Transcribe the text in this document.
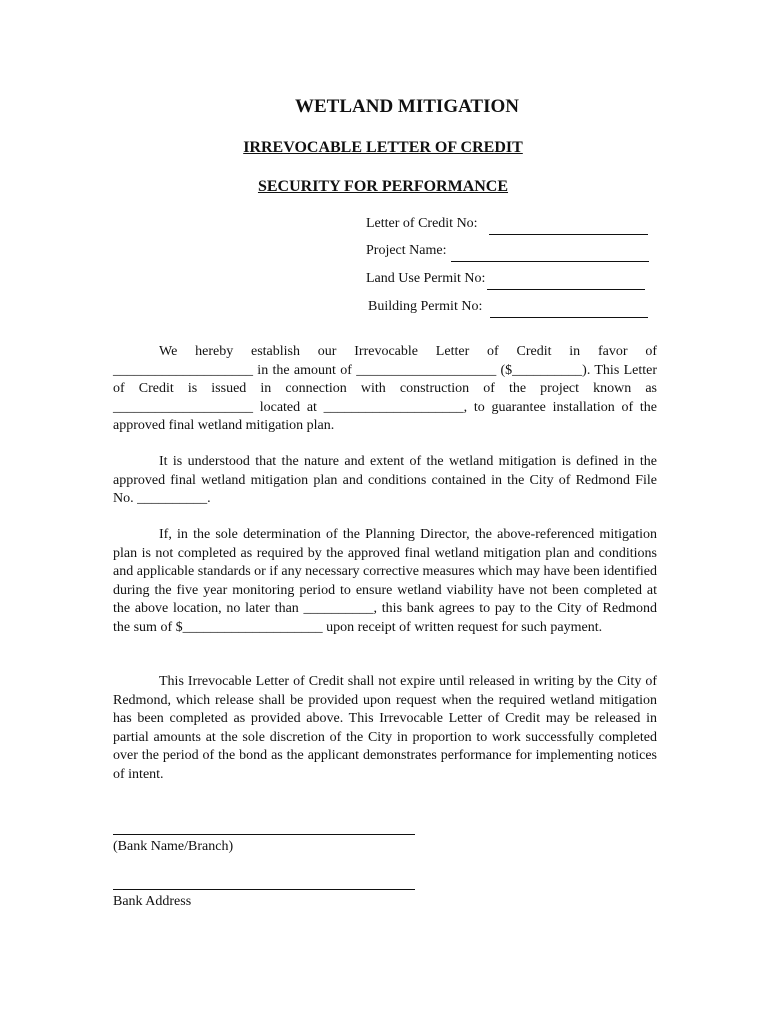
WETLAND MITIGATION
IRREVOCABLE LETTER OF CREDIT
SECURITY FOR PERFORMANCE
Letter of Credit No:
Project Name:
Land Use Permit No:
Building Permit No:

We hereby establish our Irrevocable Letter of Credit in favor of ____________________ in the amount of ____________________ ($__________). This Letter of Credit is issued in connection with construction of the project known as ____________________ located at ____________________, to guarantee installation of the approved final wetland mitigation plan.

It is understood that the nature and extent of the wetland mitigation is defined in the approved final wetland mitigation plan and conditions contained in the City of Redmond File No. __________.

If, in the sole determination of the Planning Director, the above-referenced mitigation plan is not completed as required by the approved final wetland mitigation plan and conditions and applicable standards or if any necessary corrective measures which may have been identified during the five year monitoring period to ensure wetland viability have not been completed at the above location, no later than __________, this bank agrees to pay to the City of Redmond the sum of $____________________ upon receipt of written request for such payment.

This Irrevocable Letter of Credit shall not expire until released in writing by the City of Redmond, which release shall be provided upon request when the required wetland mitigation has been completed as provided above. This Irrevocable Letter of Credit may be released in partial amounts at the sole discretion of the City in proportion to work successfully completed over the period of the bond as the applicant demonstrates performance for implementing notices of intent.

(Bank Name/Branch)
Bank Address
